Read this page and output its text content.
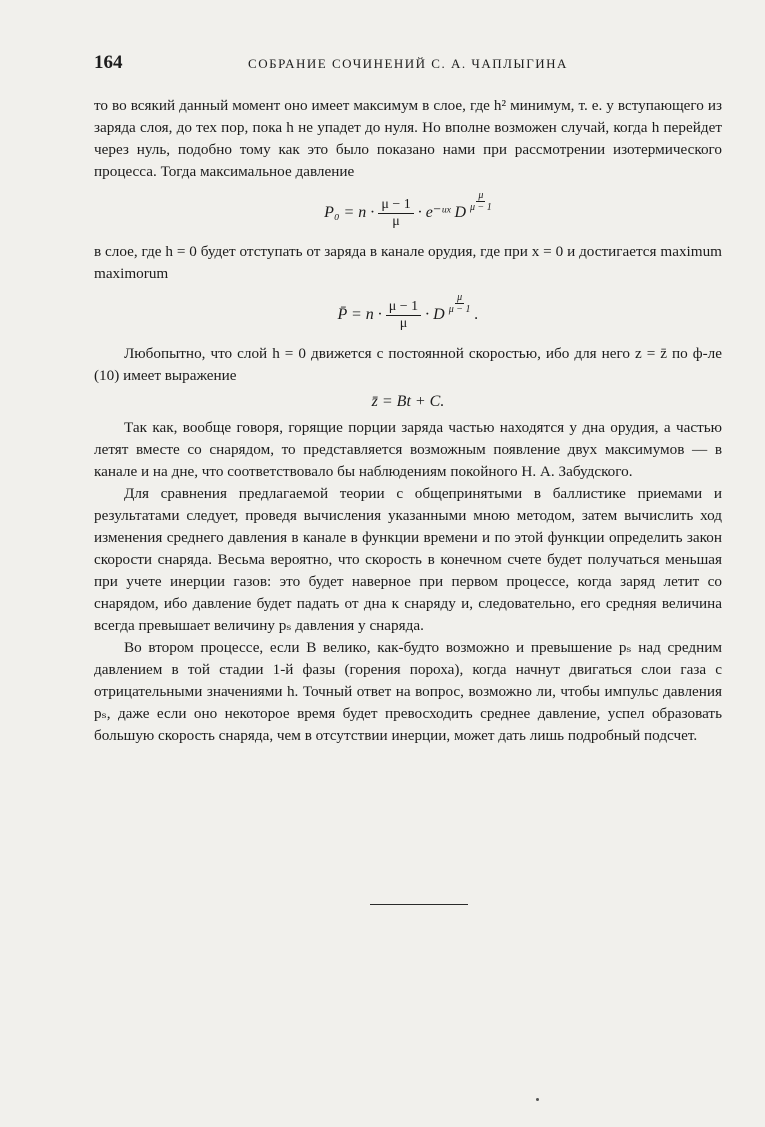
164	СОБРАНИЕ СОЧИНЕНИЙ С. А. ЧАПЛЫГИНА

то во всякий данный момент оно имеет максимум в слое, где h² минимум, т. е. у вступающего из заряда слоя, до тех пор, пока h не упадет до нуля. Но вполне возможен случай, когда h перейдет через нуль, подобно тому как это было показано нами при рассмотрении изотермического процесса. Тогда максимальное давление

$P_0 = n \cdot \frac{\mu - 1}{\mu}$ · e⁻ᵘˣ D $\frac{\mu}{\mu - 1}$

в слое, где h = 0 будет отступать от заряда в канале орудия, где при x = 0 и достигается maximum maximorum

P̄ = $n \cdot \frac{\mu - 1}{\mu} \cdot D \frac{\mu}{\mu - 1}$ .

Любопытно, что слой h = 0 движется с постоянной скоростью, ибо для него z = z̄ по ф-ле (10) имеет выражение

z̄ = Bt + C.

Так как, вообще говоря, горящие порции заряда частью находятся у дна орудия, а частью летят вместе со снарядом, то представляется возможным появление двух максимумов — в канале и на дне, что соответствовало бы наблюдениям покойного Н. А. Забудского.

Для сравнения предлагаемой теории с общепринятыми в баллистике приемами и результатами следует, проведя вычисления указанными мною методом, затем вычислить ход изменения среднего давления в канале в функции времени и по этой функции определить закон скорости снаряда. Весьма вероятно, что скорость в конечном счете будет получаться меньшая при учете инерции газов: это будет наверное при первом процессе, когда заряд летит со снарядом, ибо давление будет падать от дна к снаряду и, следовательно, его средняя величина всегда превышает величину pₛ давления у снаряда.

Во втором процессе, если B велико, как-будто возможно и превышение pₛ над средним давлением в той стадии 1-й фазы (горения пороха), когда начнут двигаться слои газа с отрицательными значениями h. Точный ответ на вопрос, возможно ли, чтобы импульс давления pₛ, даже если оно некоторое время будет превосходить среднее давление, успел образовать большую скорость снаряда, чем в отсутствии инерции, может дать лишь подробный подсчет.
